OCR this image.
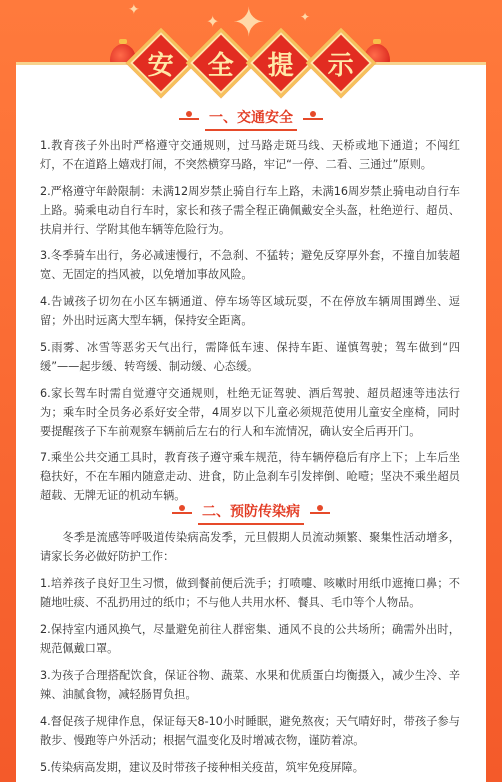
✦ ✦
✦	✦
安 全 提 示
一、交通安全

1.教育孩子外出时严格遵守交通规则，过马路走斑马线、天桥或地下通道；不闯红灯，不在道路上嬉戏打闹，不突然横穿马路，牢记“一停、二看、三通过”原则。

2.严格遵守年龄限制：未满12周岁禁止骑自行车上路，未满16周岁禁止骑电动自行车上路。骑乘电动自行车时，家长和孩子需全程正确佩戴安全头盔，杜绝逆行、超员、扶肩并行、学附其他车辆等危险行为。

3.冬季骑车出行，务必减速慢行，不急刹、不猛转；避免反穿厚外套，不撞自加装超宽、无固定的挡风被，以免增加事故风险。

4.告诫孩子切勿在小区车辆通道、停车场等区域玩耍，不在停放车辆周围蹲坐、逗留；外出时远离大型车辆，保持安全距离。

5.雨雾、冰雪等恶劣天气出行，需降低车速、保持车距、谨慎驾驶；驾车做到“四缓”——起步缓、转弯缓、制动缓、心态缓。

6.家长驾车时需自觉遵守交通规则，杜绝无证驾驶、酒后驾驶、超员超速等违法行为；乘车时全员务必系好安全带，4周岁以下儿童必须规范使用儿童安全座椅，同时要提醒孩子下车前观察车辆前后左右的行人和车流情况，确认安全后再开门。

7.乘坐公共交通工具时，教育孩子遵守乘车规范，待车辆停稳后有序上下；上车后坐稳扶好，不在车厢内随意走动、进食，防止急刹车引发摔倒、呛噎；坚决不乘坐超员超载、无牌无证的机动车辆。

二、预防传染病

冬季是流感等呼吸道传染病高发季，元旦假期人员流动频繁、聚集性活动增多，请家长务必做好防护工作：

1.培养孩子良好卫生习惯，做到餐前便后洗手；打喷嚏、咳嗽时用纸巾遮掩口鼻；不随地吐痰、不乱扔用过的纸巾；不与他人共用水杯、餐具、毛巾等个人物品。

2.保持室内通风换气，尽量避免前往人群密集、通风不良的公共场所；确需外出时，规范佩戴口罩。

3.为孩子合理搭配饮食，保证谷物、蔬菜、水果和优质蛋白均衡摄入，减少生冷、辛辣、油腻食物，减轻肠胃负担。

4.督促孩子规律作息，保证每天8-10小时睡眠，避免熬夜；天气晴好时，带孩子参与散步、慢跑等户外活动；根据气温变化及时增减衣物，谨防着凉。

5.传染病高发期，建议及时带孩子接种相关疫苗，筑牢免疫屏障。
